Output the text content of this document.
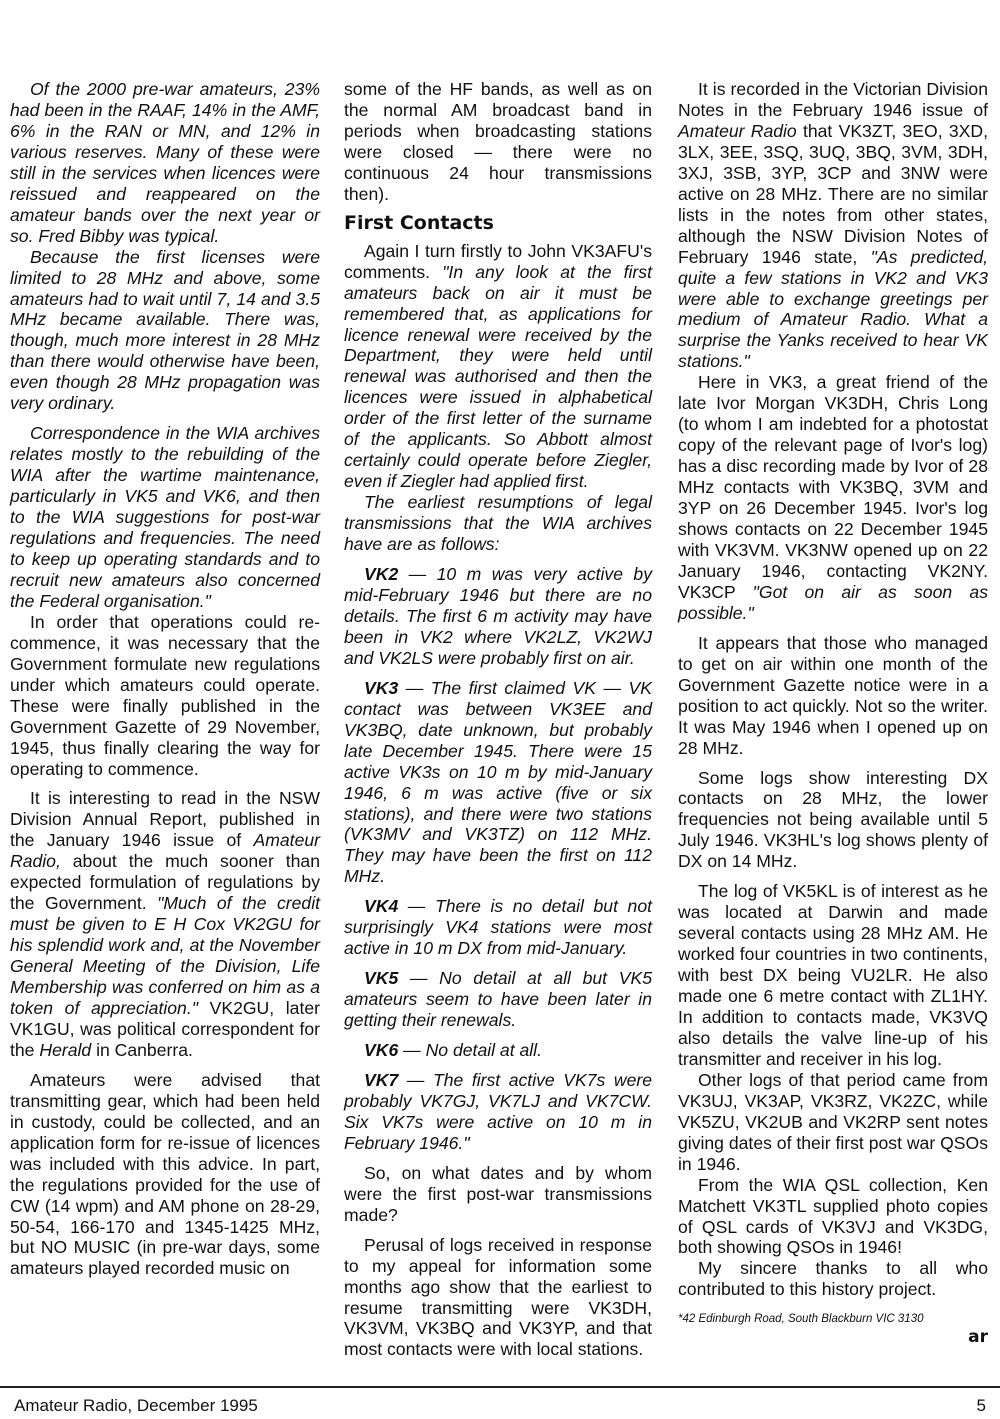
Of the 2000 pre-war amateurs, 23% had been in the RAAF, 14% in the AMF, 6% in the RAN or MN, and 12% in various reserves. Many of these were still in the services when licences were reissued and reappeared on the amateur bands over the next year or so. Fred Bibby was typical.

Because the first licenses were limited to 28 MHz and above, some amateurs had to wait until 7, 14 and 3.5 MHz became available. There was, though, much more interest in 28 MHz than there would otherwise have been, even though 28 MHz propagation was very ordinary.

Correspondence in the WIA archives relates mostly to the rebuilding of the WIA after the wartime maintenance, particularly in VK5 and VK6, and then to the WIA suggestions for post-war regulations and frequencies. The need to keep up operating standards and to recruit new amateurs also concerned the Federal organisation."

In order that operations could re-commence, it was necessary that the Government formulate new regulations under which amateurs could operate. These were finally published in the Government Gazette of 29 November, 1945, thus finally clearing the way for operating to commence.

It is interesting to read in the NSW Division Annual Report, published in the January 1946 issue of Amateur Radio, about the much sooner than expected formulation of regulations by the Government. "Much of the credit must be given to E H Cox VK2GU for his splendid work and, at the November General Meeting of the Division, Life Membership was conferred on him as a token of appreciation." VK2GU, later VK1GU, was political correspondent for the Herald in Canberra.

Amateurs were advised that transmitting gear, which had been held in custody, could be collected, and an application form for re-issue of licences was included with this advice. In part, the regulations provided for the use of CW (14 wpm) and AM phone on 28-29, 50-54, 166-170 and 1345-1425 MHz, but NO MUSIC (in pre-war days, some amateurs played recorded music on

some of the HF bands, as well as on the normal AM broadcast band in periods when broadcasting stations were closed — there were no continuous 24 hour transmissions then).

First Contacts

Again I turn firstly to John VK3AFU's comments. "In any look at the first amateurs back on air it must be remembered that, as applications for licence renewal were received by the Department, they were held until renewal was authorised and then the licences were issued in alphabetical order of the first letter of the surname of the applicants. So Abbott almost certainly could operate before Ziegler, even if Ziegler had applied first.

The earliest resumptions of legal transmissions that the WIA archives have are as follows:

VK2 — 10 m was very active by mid-February 1946 but there are no details. The first 6 m activity may have been in VK2 where VK2LZ, VK2WJ and VK2LS were probably first on air.

VK3 — The first claimed VK — VK contact was between VK3EE and VK3BQ, date unknown, but probably late December 1945. There were 15 active VK3s on 10 m by mid-January 1946, 6 m was active (five or six stations), and there were two stations (VK3MV and VK3TZ) on 112 MHz. They may have been the first on 112 MHz.

VK4 — There is no detail but not surprisingly VK4 stations were most active in 10 m DX from mid-January.

VK5 — No detail at all but VK5 amateurs seem to have been later in getting their renewals.

VK6 — No detail at all.

VK7 — The first active VK7s were probably VK7GJ, VK7LJ and VK7CW. Six VK7s were active on 10 m in February 1946."

So, on what dates and by whom were the first post-war transmissions made?

Perusal of logs received in response to my appeal for information some months ago show that the earliest to resume transmitting were VK3DH, VK3VM, VK3BQ and VK3YP, and that most contacts were with local stations.

It is recorded in the Victorian Division Notes in the February 1946 issue of Amateur Radio that VK3ZT, 3EO, 3XD, 3LX, 3EE, 3SQ, 3UQ, 3BQ, 3VM, 3DH, 3XJ, 3SB, 3YP, 3CP and 3NW were active on 28 MHz. There are no similar lists in the notes from other states, although the NSW Division Notes of February 1946 state, "As predicted, quite a few stations in VK2 and VK3 were able to exchange greetings per medium of Amateur Radio. What a surprise the Yanks received to hear VK stations."

Here in VK3, a great friend of the late Ivor Morgan VK3DH, Chris Long (to whom I am indebted for a photostat copy of the relevant page of Ivor's log) has a disc recording made by Ivor of 28 MHz contacts with VK3BQ, 3VM and 3YP on 26 December 1945. Ivor's log shows contacts on 22 December 1945 with VK3VM. VK3NW opened up on 22 January 1946, contacting VK2NY. VK3CP "Got on air as soon as possible."

It appears that those who managed to get on air within one month of the Government Gazette notice were in a position to act quickly. Not so the writer. It was May 1946 when I opened up on 28 MHz.

Some logs show interesting DX contacts on 28 MHz, the lower frequencies not being available until 5 July 1946. VK3HL's log shows plenty of DX on 14 MHz.

The log of VK5KL is of interest as he was located at Darwin and made several contacts using 28 MHz AM. He worked four countries in two continents, with best DX being VU2LR. He also made one 6 metre contact with ZL1HY. In addition to contacts made, VK3VQ also details the valve line-up of his transmitter and receiver in his log.

Other logs of that period came from VK3UJ, VK3AP, VK3RZ, VK2ZC, while VK5ZU, VK2UB and VK2RP sent notes giving dates of their first post war QSOs in 1946.

From the WIA QSL collection, Ken Matchett VK3TL supplied photo copies of QSL cards of VK3VJ and VK3DG, both showing QSOs in 1946!

My sincere thanks to all who contributed to this history project.

*42 Edinburgh Road, South Blackburn VIC 3130

ar

Amateur Radio, December 1995	5
